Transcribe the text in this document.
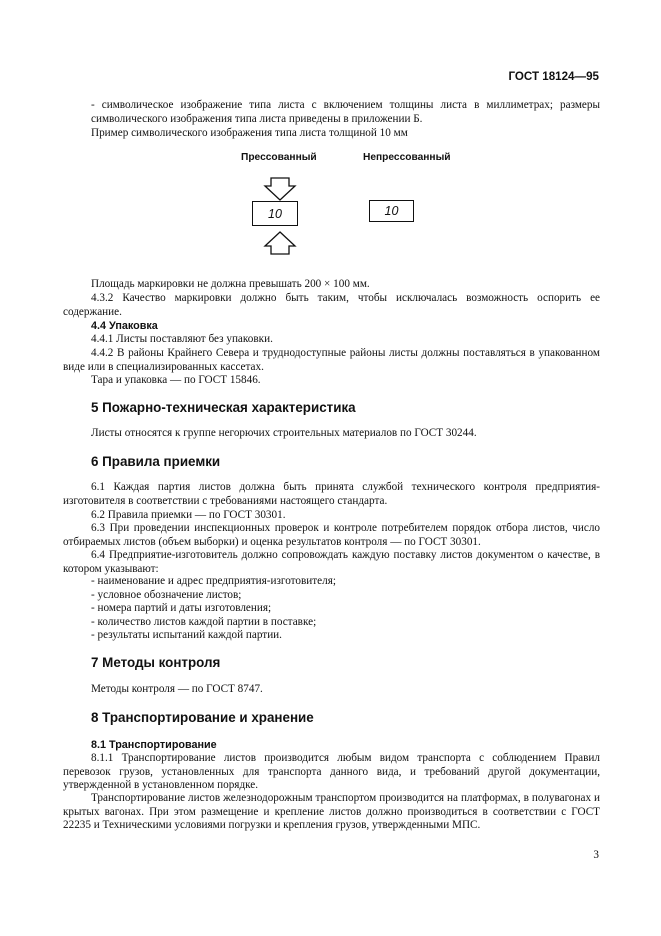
ГОСТ 18124—95
- символическое изображение типа листа с включением толщины листа в миллиметрах; размеры символического изображения типа листа приведены в приложении Б.
Пример символического изображения типа листа толщиной 10 мм
Прессованный	Непрессованный
10	10
Площадь маркировки не должна превышать 200 × 100 мм.
4.3.2 Качество маркировки должно быть таким, чтобы исключалась возможность оспорить ее содержание.
4.4 Упаковка
4.4.1 Листы поставляют без упаковки.
4.4.2 В районы Крайнего Севера и труднодоступные районы листы должны поставляться в упакованном виде или в специализированных кассетах.
Тара и упаковка — по ГОСТ 15846.
5 Пожарно-техническая характеристика
Листы относятся к группе негорючих строительных материалов по ГОСТ 30244.
6 Правила приемки
6.1 Каждая партия листов должна быть принята службой технического контроля предприятия-изготовителя в соответствии с требованиями настоящего стандарта.
6.2 Правила приемки — по ГОСТ 30301.
6.3 При проведении инспекционных проверок и контроле потребителем порядок отбора листов, число отбираемых листов (объем выборки) и оценка результатов контроля — по ГОСТ 30301.
6.4 Предприятие-изготовитель должно сопровождать каждую поставку листов документом о качестве, в котором указывают:
- наименование и адрес предприятия-изготовителя;
- условное обозначение листов;
- номера партий и даты изготовления;
- количество листов каждой партии в поставке;
- результаты испытаний каждой партии.
7 Методы контроля
Методы контроля — по ГОСТ 8747.
8 Транспортирование и хранение
8.1 Транспортирование
8.1.1 Транспортирование листов производится любым видом транспорта с соблюдением Правил перевозок грузов, установленных для транспорта данного вида, и требований другой документации, утвержденной в установленном порядке.
Транспортирование листов железнодорожным транспортом производится на платформах, в полувагонах и крытых вагонах. При этом размещение и крепление листов должно производиться в соответствии с ГОСТ 22235 и Техническими условиями погрузки и крепления грузов, утвержденными МПС.
3
